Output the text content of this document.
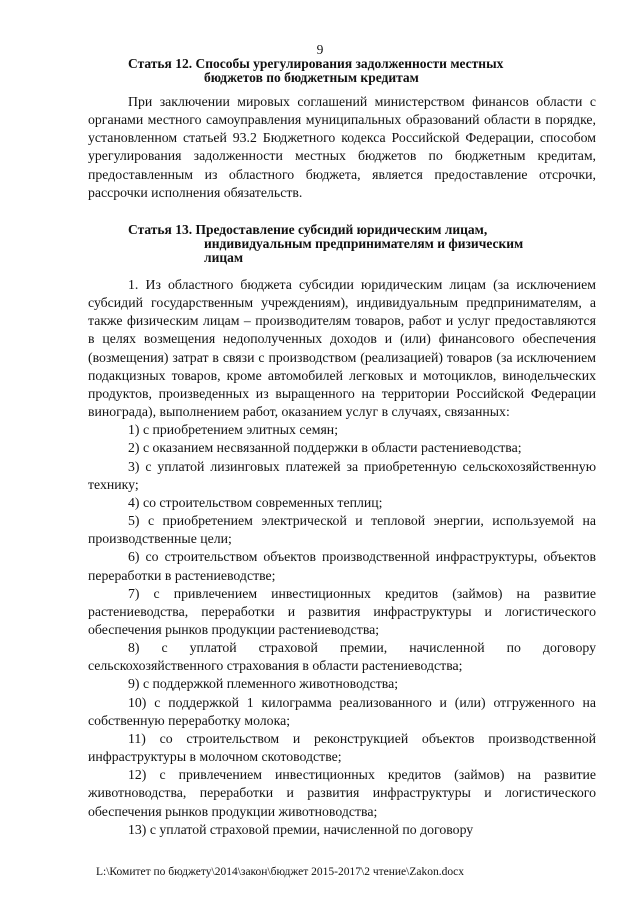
9
Статья 12. Способы урегулирования задолженности местных
бюджетов по бюджетным кредитам

При заключении мировых соглашений министерством финансов области с органами местного самоуправления муниципальных образований области в порядке, установленном статьей 93.2 Бюджетного кодекса Российской Федерации, способом урегулирования задолженности местных бюджетов по бюджетным кредитам, предоставленным из областного бюджета, является предоставление отсрочки, рассрочки исполнения обязательств.

Статья 13. Предоставление субсидий юридическим лицам,
индивидуальным предпринимателям и физическим
лицам

1. Из областного бюджета субсидии юридическим лицам (за исключением субсидий государственным учреждениям), индивидуальным предпринимателям, а также физическим лицам – производителям товаров, работ и услуг предоставляются в целях возмещения недополученных доходов и (или) финансового обеспечения (возмещения) затрат в связи с производством (реализацией) товаров (за исключением подакцизных товаров, кроме автомобилей легковых и мотоциклов, винодельческих продуктов, произведенных из выращенного на территории Российской Федерации винограда), выполнением работ, оказанием услуг в случаях, связанных:

1) с приобретением элитных семян;

2) с оказанием несвязанной поддержки в области растениеводства;

3) с уплатой лизинговых платежей за приобретенную сельскохозяйственную технику;

4) со строительством современных теплиц;

5) с приобретением электрической и тепловой энергии, используемой на производственные цели;

6) со строительством объектов производственной инфраструктуры, объектов переработки в растениеводстве;

7) с привлечением инвестиционных кредитов (займов) на развитие растениеводства, переработки и развития инфраструктуры и логистического обеспечения рынков продукции растениеводства;

8) с уплатой страховой премии, начисленной по договору сельскохозяйственного страхования в области растениеводства;

9) с поддержкой племенного животноводства;

10) с поддержкой 1 килограмма реализованного и (или) отгруженного на собственную переработку молока;

11) со строительством и реконструкцией объектов производственной инфраструктуры в молочном скотоводстве;

12) с привлечением инвестиционных кредитов (займов) на развитие животноводства, переработки и развития инфраструктуры и логистического обеспечения рынков продукции животноводства;

13) с уплатой страховой премии, начисленной по договору

L:\Комитет по бюджету\2014\закон\бюджет 2015-2017\2 чтение\Zakon.docx
